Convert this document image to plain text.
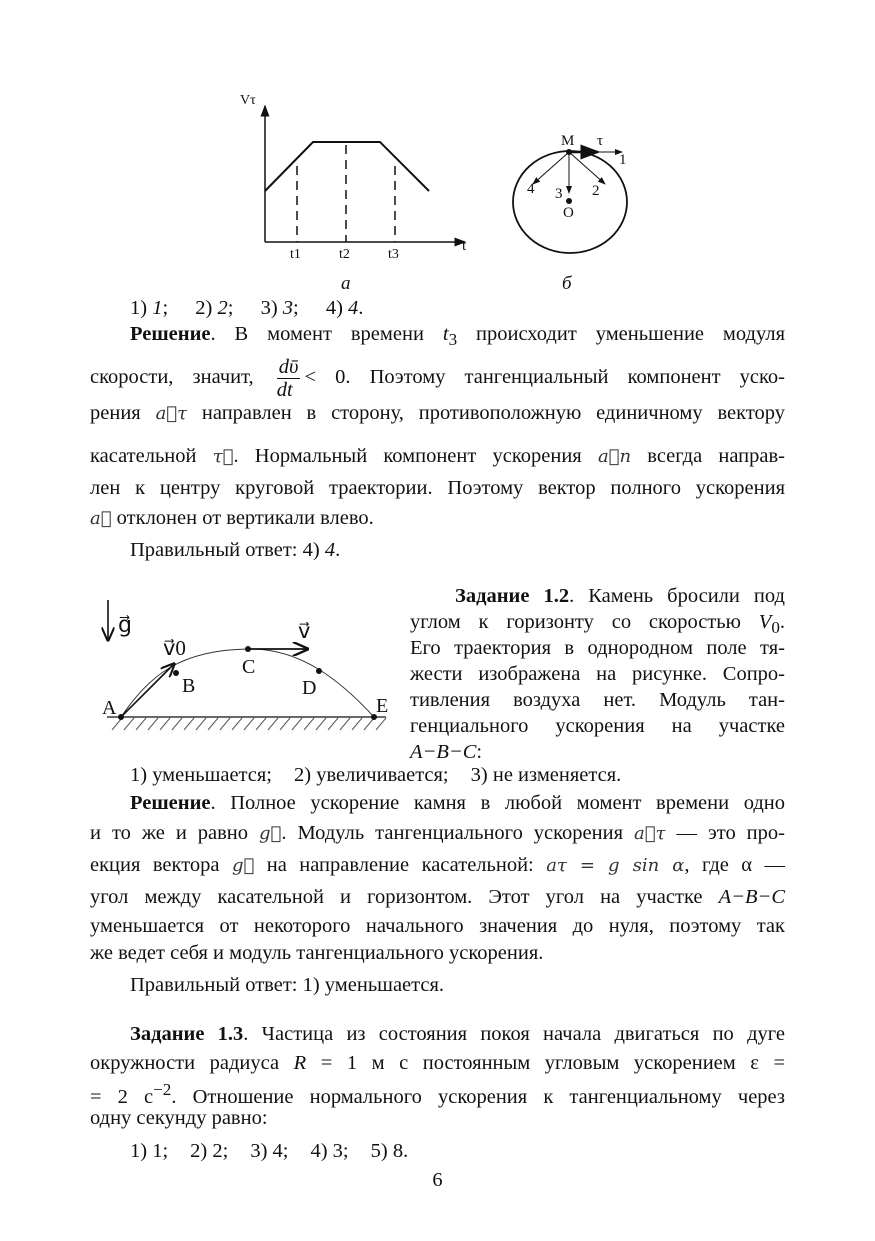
Vτ
t
t1	t2	t3
а
M τ
1
2
3
4
O
б
1) 1; 2) 2; 3) 3; 4) 4.
Решение. В момент времени $t_3$ происходит уменьшение модуля
скорости, значит, $\frac{\text{dῡ}}{dt} < 0$. Поэтому тангенциальный компонент уско-
рения a⃗τ направлен в сторону, противоположную единичному вектору
касательной τ⃗. Нормальный компонент ускорения a⃗n всегда направ-
лен к центру круговой траектории. Поэтому вектор полного ускорения
a⃗ отклонен от вертикали влево.
Правильный ответ: 4) 4.
g⃗
v⃗0
v⃗
A
B
C
D
E
Задание 1.2. Камень бросили под
углом к горизонту со скоростью $V_0$.
Его траектория в однородном поле тя-
жести изображена на рисунке. Сопро-
тивления воздуха нет. Модуль тан-
генциального ускорения на участке
A−B−C:
1) уменьшается; 2) увеличивается; 3) не изменяется.
Решение. Полное ускорение камня в любой момент времени одно
и то же и равно g⃗. Модуль тангенциального ускорения a⃗τ — это про-
екция вектора g⃗ на направление касательной: aτ = g sin α, где α —
угол между касательной и горизонтом. Этот угол на участке A−B−C
уменьшается от некоторого начального значения до нуля, поэтому так
же ведет себя и модуль тангенциального ускорения.
Правильный ответ: 1) уменьшается.
Задание 1.3. Частица из состояния покоя начала двигаться по дуге
окружности радиуса R = 1 м с постоянным угловым ускорением ε =
= 2 $с^{-2}$. Отношение нормального ускорения к тангенциальному через
одну секунду равно:
1) 1; 2) 2; 3) 4; 4) 3; 5) 8.
6
